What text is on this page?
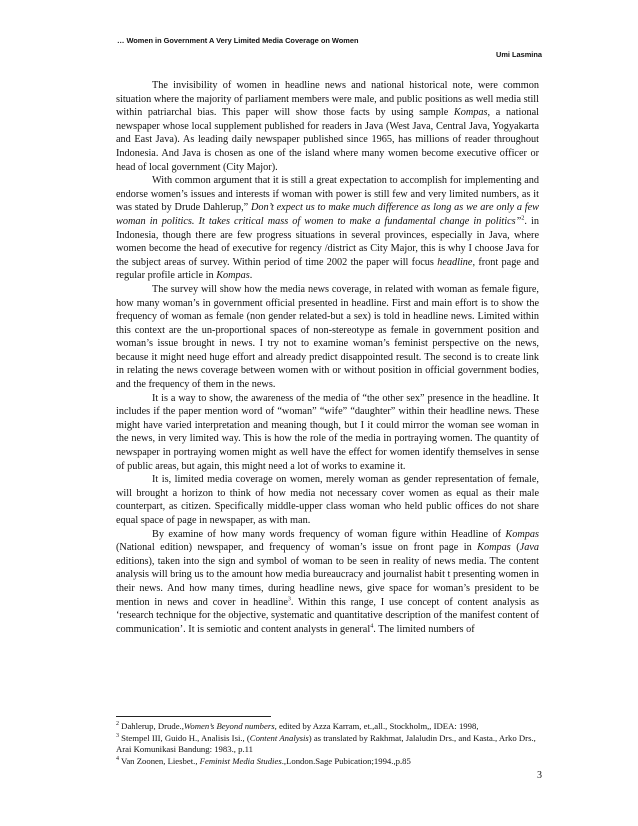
… Women in Government A Very Limited Media Coverage on Women
Umi Lasmina

The invisibility of women in headline news and national historical note, were common situation where the majority of parliament members were male, and public positions as well media still within patriarchal bias. This paper will show those facts by using sample Kompas, a national newspaper whose local supplement published for readers in Java (West Java, Central Java, Yogyakarta and East Java). As leading daily newspaper published since 1965, has millions of reader throughout Indonesia. And Java is chosen as one of the island where many women become executive officer or head of local government (City Major).

With common argument that it is still a great expectation to accomplish for implementing and endorse women’s issues and interests if woman with power is still few and very limited numbers, as it was stated by Drude Dahlerup,” Don’t expect us to make much difference as long as we are only a few woman in politics. It takes critical mass of women to make a fundamental change in politics”$^2$. in Indonesia, though there are few progress situations in several provinces, especially in Java, where women become the head of executive for regency /district as City Major, this is why I choose Java for the subject areas of survey. Within period of time 2002 the paper will focus headline, front page and regular profile article in Kompas.

The survey will show how the media news coverage, in related with woman as female figure, how many woman’s in government official presented in headline. First and main effort is to show the frequency of woman as female (non gender related-but a sex) is told in headline news. Limited within this context are the un-proportional spaces of non-stereotype as female in government position and woman’s issue brought in news. I try not to examine woman’s feminist perspective on the news, because it might need huge effort and already predict disappointed result. The second is to create link in relating the news coverage between women with or without position in official government bodies, and the frequency of them in the news.

It is a way to show, the awareness of the media of “the other sex” presence in the headline. It includes if the paper mention word of “woman” “wife” “daughter” within their headline news. These might have varied interpretation and meaning though, but I it could mirror the woman see woman in the news, in very limited way. This is how the role of the media in portraying women. The quantity of newspaper in portraying women might as well have the effect for women identify themselves in sense of public areas, but again, this might need a lot of works to examine it.

It is, limited media coverage on women, merely woman as gender representation of female, will brought a horizon to think of how media not necessary cover women as equal as their male counterpart, as citizen. Specifically middle-upper class woman who held public offices do not share equal space of page in newspaper, as with man.

By examine of how many words frequency of woman figure within Headline of Kompas (National edition) newspaper, and frequency of woman’s issue on front page in Kompas (Java editions), taken into the sign and symbol of woman to be seen in reality of news media. The content analysis will bring us to the amount how media bureaucracy and journalist habit t presenting women in their news. And how many times, during headline news, give space for woman’s president to be mention in news and cover in headline$^3$. Within this range, I use concept of content analysis as ‘research technique for the objective, systematic and quantitative description of the manifest content of communication’. It is semiotic and content analysts in general$^4$. The limited numbers of

$^2$ Dahlerup, Drude.,Women’s Beyond numbers, edited by Azza Karram, et.,all., Stockholm,, IDEA: 1998,

$^3$ Stempel III, Guido H., Analisis Isi., (Content Analysis) as translated by Rakhmat, Jalaludin Drs., and Kasta., Arko Drs., Arai Komunikasi Bandung: 1983., p.11

$^4$ Van Zoonen, Liesbet., Feminist Media Studies.,London.Sage Pubication;1994.,p.85

3
